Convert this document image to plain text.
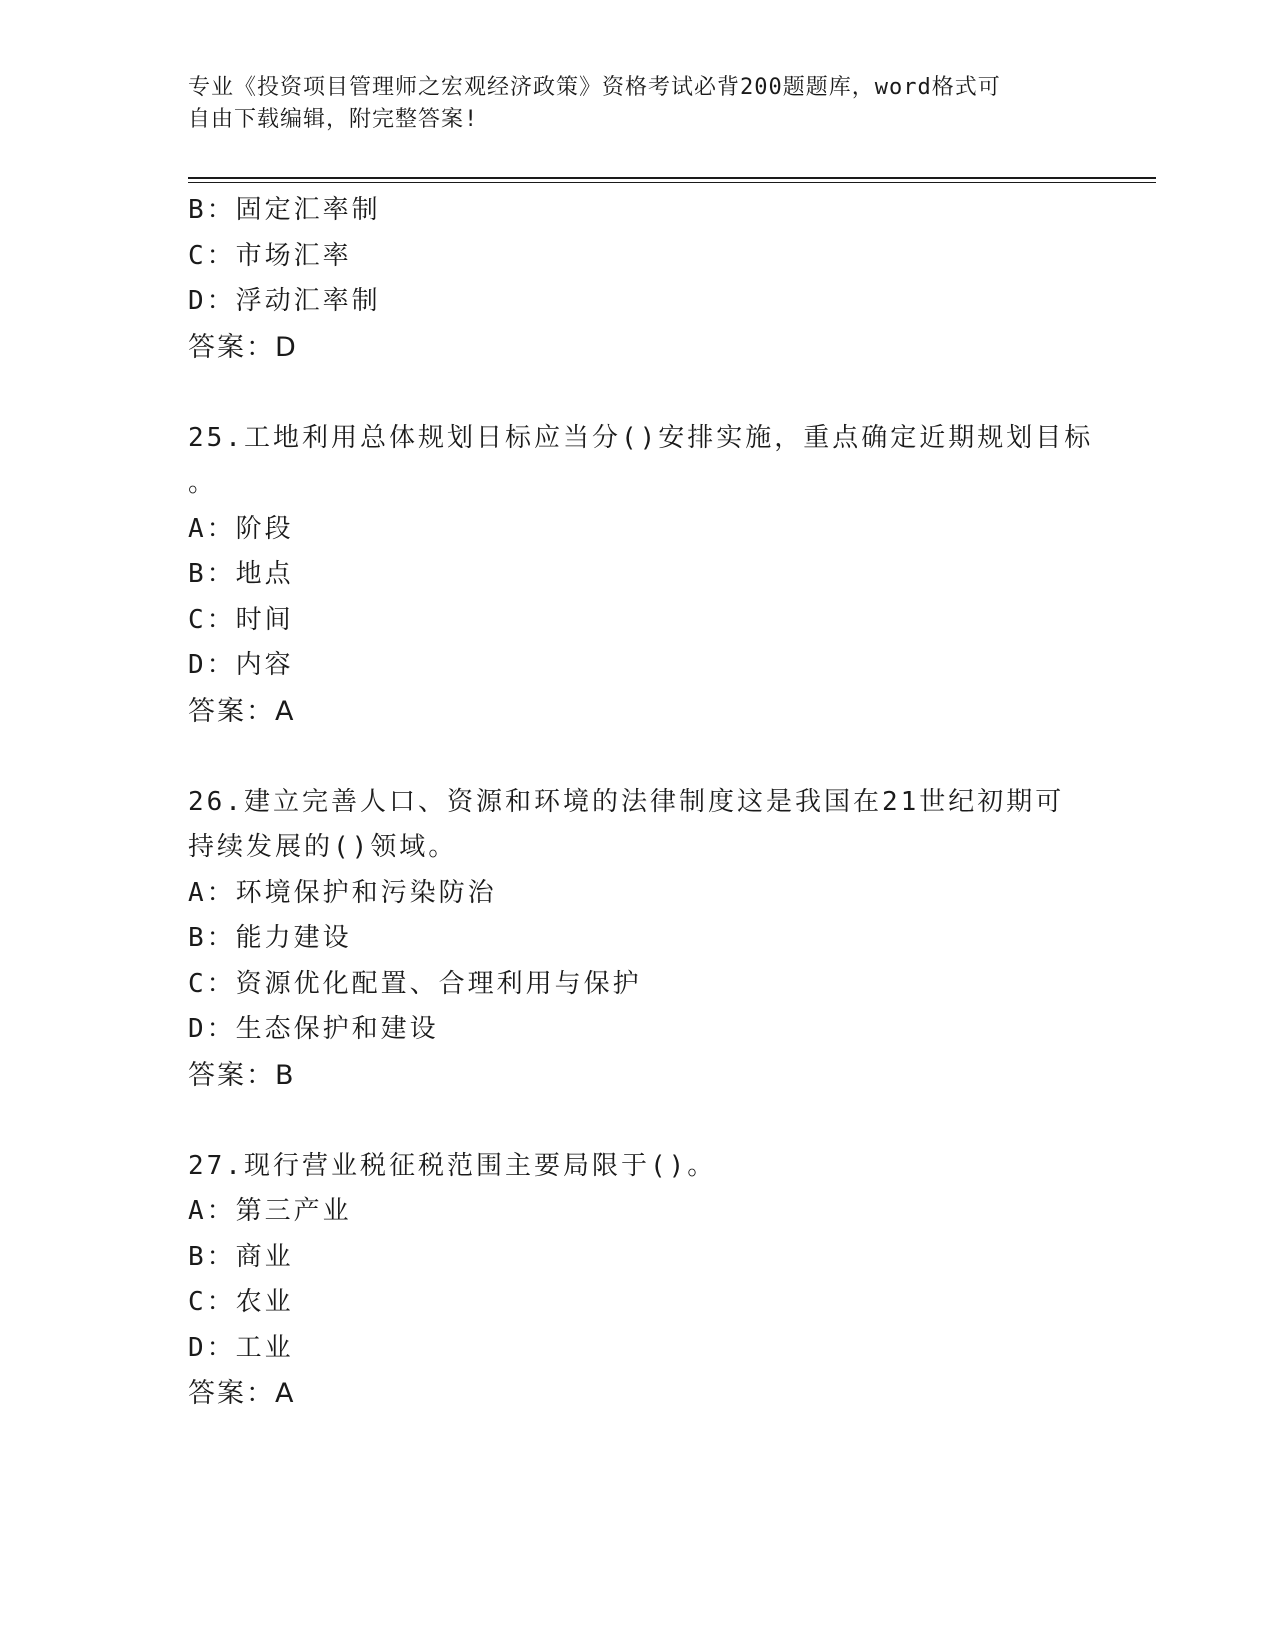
专业《投资项目管理师之宏观经济政策》资格考试必背200题题库，word格式可
自由下载编辑，附完整答案!
B：固定汇率制
C：市场汇率
D：浮动汇率制
答案：D
25.工地利用总体规划日标应当分()安排实施，重点确定近期规划目标
。
A：阶段
B：地点
C：时间
D：内容
答案：A
26.建立完善人口、资源和环境的法律制度这是我国在21世纪初期可
持续发展的()领域。
A：环境保护和污染防治
B：能力建设
C：资源优化配置、合理利用与保护
D：生态保护和建设
答案：B
27.现行营业税征税范围主要局限于()。
A：第三产业
B：商业
C：农业
D：工业
答案：A
